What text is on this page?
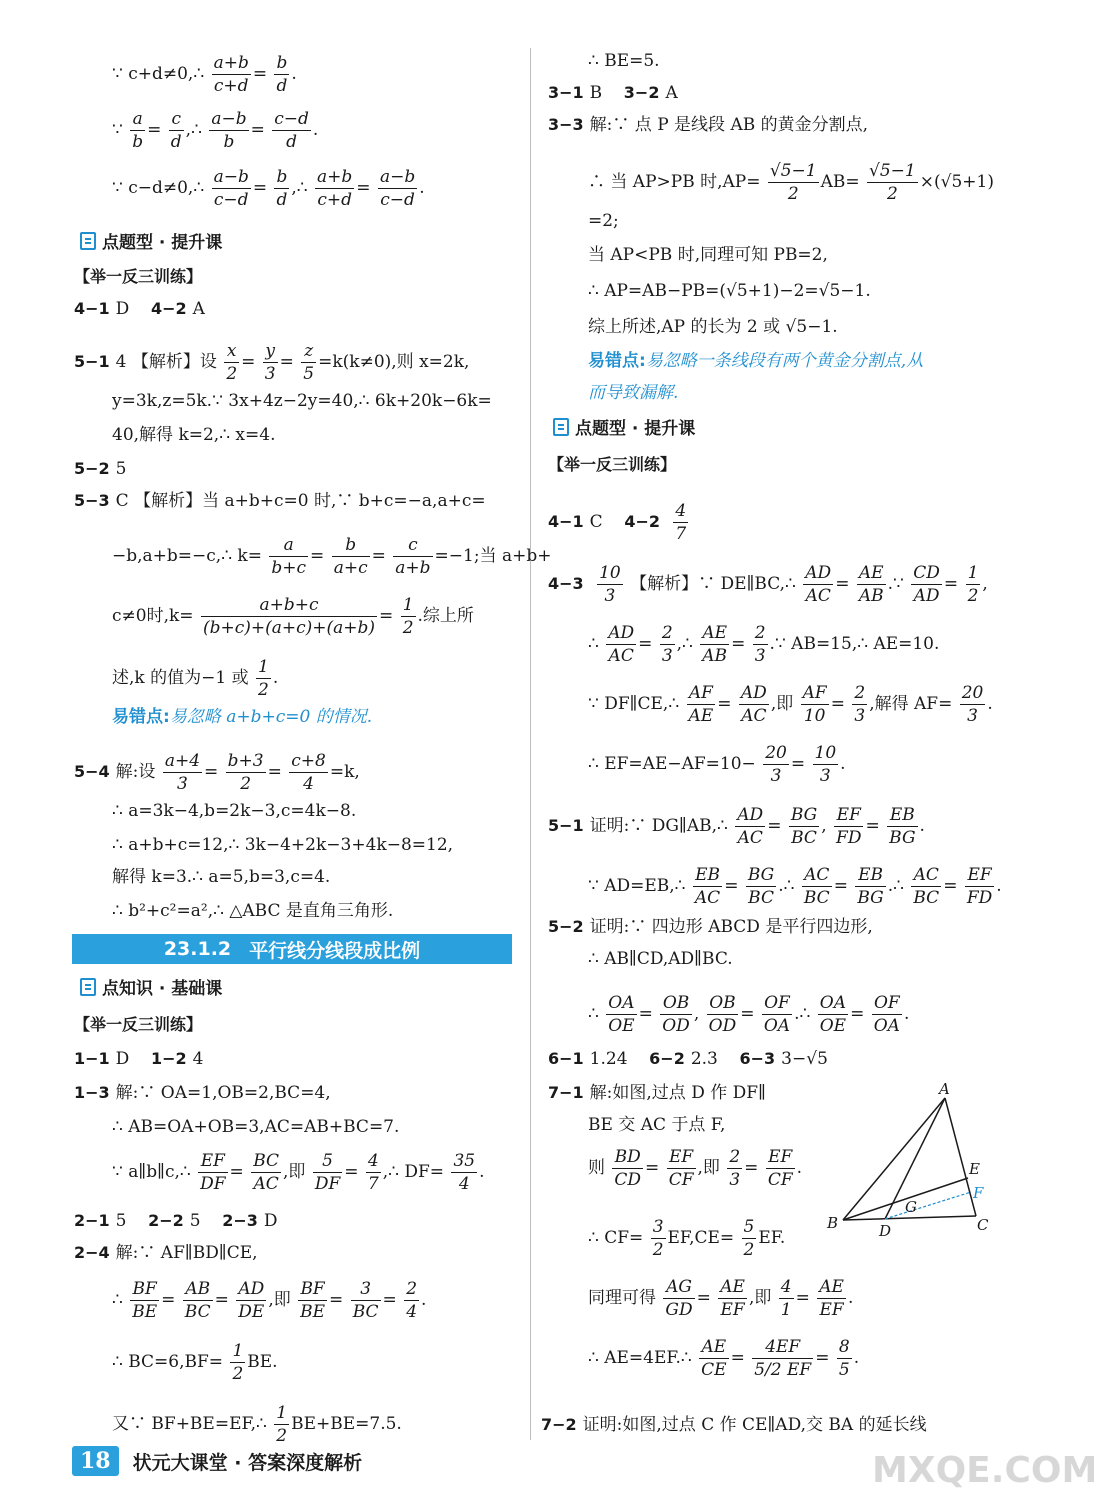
∵ c+d≠0,∴ $\frac{a+b}{c+d} = \frac{b}{d}$ .
∵ $\frac{a}{b} = \frac{c}{d}$ ,∴ $\frac{a-b}{b} = \frac{c-d}{d}$ .
∵ c−d≠0,∴ $\frac{a-b}{c-d} = \frac{b}{d}$ ,∴ $\frac{a+b}{c+d} = \frac{a-b}{c-d}$ .
点题型 · 提升课
【举一反三训练】
4−1 D 4−2 A
5−1 4 【解析】设 $\frac{x}{2} = \frac{y}{3} = \frac{z}{5} =k(k\ne 0)$,则 x=2k,
y=3k,z=5k.∵ 3x+4z−2y=40,∴ 6k+20k−6k=
40,解得 k=2,∴ x=4.
5−2 5
5−3 C 【解析】当 a+b+c=0 时,∵ b+c=−a,a+c=
−b,a+b=−c,∴ $k= \frac{a}{b+c} = \frac{b}{a+c} = \frac{c}{a+b} =-1$;当 a+b+
c≠0时$,k= \frac{a+b+c}{(b+c)+(a+c)+(a+b)} = \frac{1}{2}$ .综上所
述,k 的值为−1 或 $\frac{1}{2}$ .
易错点:易忽略 a+b+c=0 的情况.
5−4 解:设 $\frac{a+4}{3} = \frac{b+3}{2} = \frac{c+8}{4} =k$,
∴ a=3k−4,b=2k−3,c=4k−8.
∴ a+b+c=12,∴ 3k−4+2k−3+4k−8=12,
解得 k=3.∴ a=5,b=3,c=4.
∴ b²+c²=a²,∴ △ABC 是直角三角形.
23.1.2 平行线分线段成比例
点知识 · 基础课
【举一反三训练】
1−1 D 1−2 4
1−3 解:∵ OA=1,OB=2,BC=4,
∴ AB=OA+OB=3,AC=AB+BC=7.
∵ a∥b∥c,∴ $\frac{EF}{DF} = \frac{BC}{AC}$ ,即 $\frac{5}{DF} = \frac{4}{7}$ ,∴ $DF= \frac{35}{4}$ .
2−1 5 2−2 5 2−3 D
2−4 解:∵ AF∥BD∥CE,
∴ $\frac{BF}{BE} = \frac{AB}{BC} = \frac{AD}{DE}$ ,即 $\frac{BF}{BE} = \frac{3}{BC} = \frac{2}{4}$ .
∴ $BC=6,BF= \frac{1}{2}$ BE.
又∵ BF+BE=EF,∴ $\frac{1}{2} BE+BE=7.5$.
∴ BE=5.
3−1 B 3−2 A
3−3 解:∵ 点 P 是线段 AB 的黄金分割点,
∴ 当 AP>PB 时$,AP= \frac{√5-1}{2} AB= \frac{√5-1}{2} \times(√5+1)$
=2;
当 AP<PB 时,同理可知 PB=2,
∴ AP=AB−PB=(√5+1)−2=√5−1.
综上所述,AP 的长为 2 或 √5−1.
易错点:易忽略一条线段有两个黄金分割点,从
而导致漏解.
点题型 · 提升课
【举一反三训练】
4−1 C $4-2 \frac{4}{7}$
$4-3 \frac{10}{3}$ 【解析】∵ DE∥BC,∴ $\frac{AD}{AC} = \frac{AE}{AB}$ .∵ $\frac{CD}{AD} = \frac{1}{2}$ ,
∴ $\frac{AD}{AC} = \frac{2}{3}$ ,∴ $\frac{AE}{AB} = \frac{2}{3}$ .∵ AB=15,∴ AE=10.
∵ DF∥CE,∴ $\frac{AF}{AE} = \frac{AD}{AC}$ ,即 $\frac{AF}{10} = \frac{2}{3}$ ,解得 $AF= \frac{20}{3}$ .
∴ $EF=AE-AF=10- \frac{20}{3} = \frac{10}{3}$ .
5−1 证明:∵ DG∥AB,∴ $\frac{AD}{AC} = \frac{BG}{BC}$ , $\frac{EF}{FD} = \frac{EB}{BG}$ .
∵ AD=EB,∴ $\frac{EB}{AC} = \frac{BG}{BC}$ .∴ $\frac{AC}{BC} = \frac{EB}{BG}$ .∴ $\frac{AC}{BC} = \frac{EF}{FD}$ .
5−2 证明:∵ 四边形 ABCD 是平行四边形,
∴ AB∥CD,AD∥BC.
∴ $\frac{OA}{OE} = \frac{OB}{OD}$ , $\frac{OB}{OD} = \frac{OF}{OA}$ .∴ $\frac{OA}{OE} = \frac{OF}{OA}$ .
6−1 1.24 6−2 2.3 6−3 3−√5
7−1 解:如图,过点 D 作 DF∥
BE 交 AC 于点 F,
则 $\frac{BD}{CD} = \frac{EF}{CF}$ ,即 $\frac{2}{3} = \frac{EF}{CF}$ .
∴ $CF= \frac{3}{2} EF,CE= \frac{5}{2}$ EF.
同理可得 $\frac{AG}{GD} = \frac{AE}{EF}$ ,即 $\frac{4}{1} = \frac{AE}{EF}$ .
∴ AE=4EF.∴ $\frac{AE}{CE} = \frac{4EF}{5/2 EF} = \frac{8}{5}$ .
A
B	C
D
E
F
G
7−2 证明:如图,过点 C 作 CE∥AD,交 BA 的延长线
18	状元大课堂 · 答案深度解析	MXQE.COM
